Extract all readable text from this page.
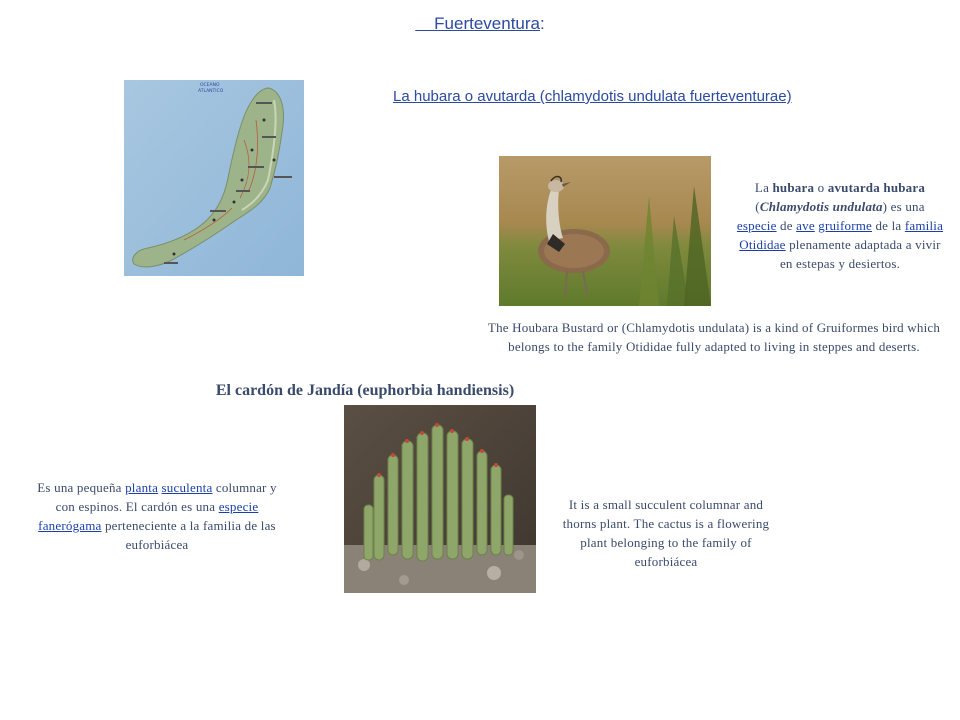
Fuerteventura:
OCEANO
ATLANTICO	La hubara o avutarda (chlamydotis undulata fuerteventurae)
La hubara o avutarda hubara (Chlamydotis undulata) es una especie de ave gruiforme de la familia Otididae plenamente adaptada a vivir en estepas y desiertos.
The Houbara Bustard or (Chlamydotis undulata) is a kind of Gruiformes bird which belongs to the family Otididae fully adapted to living in steppes and deserts.
El cardón de Jandía (euphorbia handiensis)
Es una pequeña planta suculenta columnar y con espinos. El cardón es una especie fanerógama perteneciente a la familia de las euforbiácea
It is a small succulent columnar and thorns plant. The cactus is a flowering plant belonging to the family of euforbiácea
